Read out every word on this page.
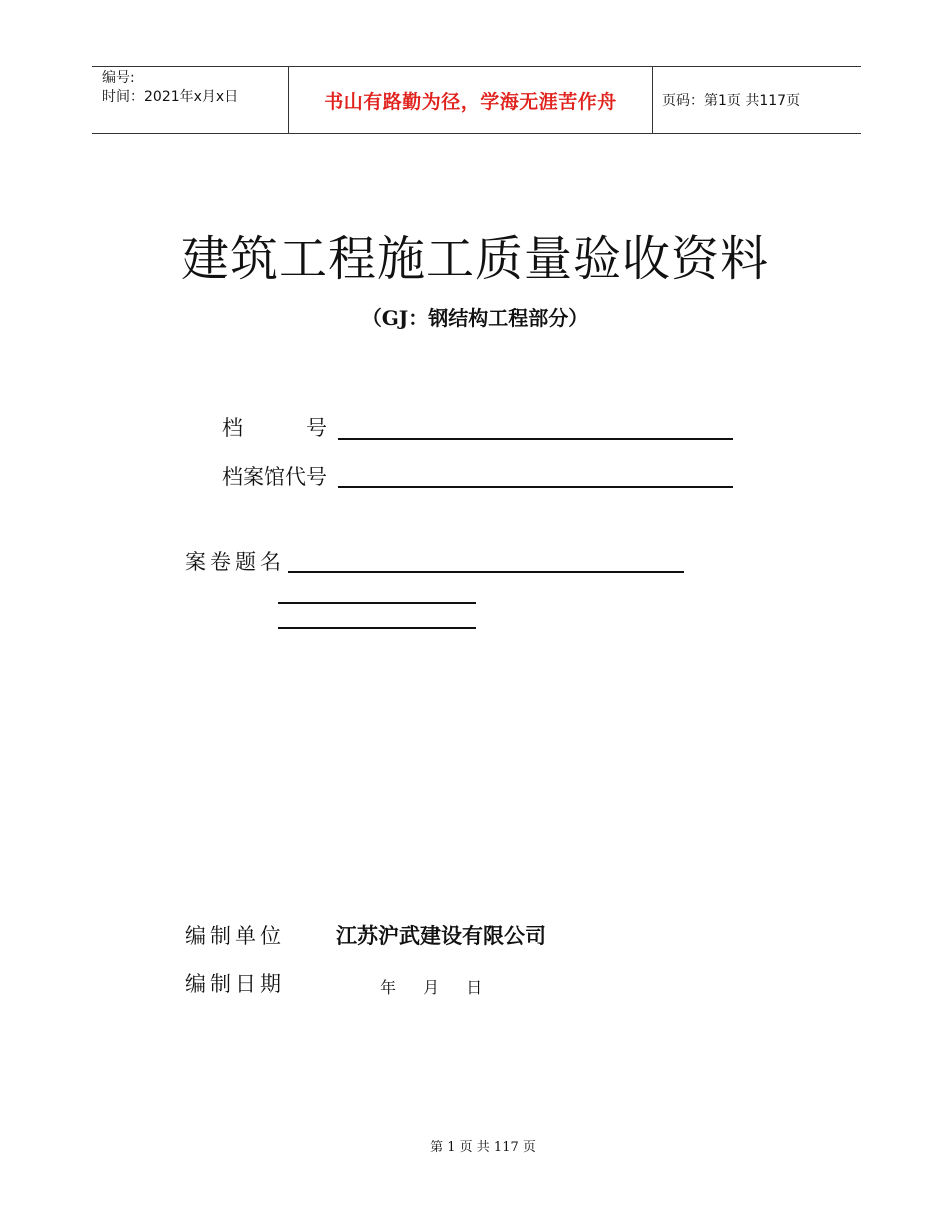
编号:
时间：2021年x月x日	书山有路勤为径，学海无涯苦作舟	页码：第1页 共117页
建筑工程施工质量验收资料
（GJ：钢结构工程部分）
档　　　号
档案馆代号
案卷题名
编制单位 江苏沪武建设有限公司
编制日期	年 月 日
第 1 页 共 117 页
